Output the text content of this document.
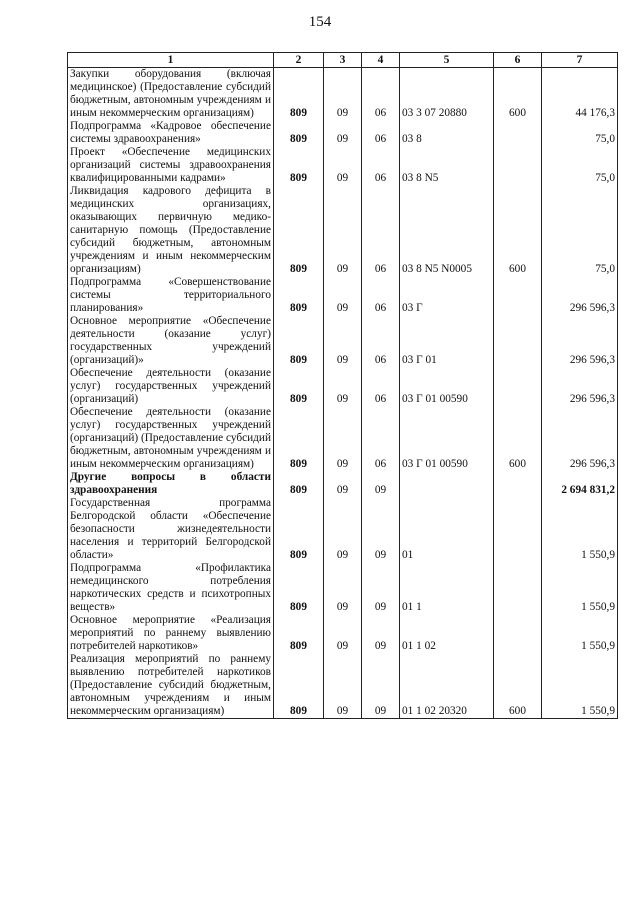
154
1	2	3	4	5	6	7
Закупки оборудования (включая медицинское) (Предоставление субсидий бюджетным, автономным учреждениям и иным некоммерческим организациям)	809	09	06	03 3 07 20880	600	44 176,3
Подпрограмма «Кадровое обеспечение системы здравоохранения»	809	09	06	03 8		75,0
Проект «Обеспечение медицинских организаций системы здравоохранения квалифицированными кадрами»	809	09	06	03 8 N5		75,0
Ликвидация кадрового дефицита в медицинских организациях, оказывающих первичную медико-санитарную помощь (Предоставление субсидий бюджетным, автономным учреждениям и иным некоммерческим организациям)	809	09	06	03 8 N5 N0005	600	75,0
Подпрограмма «Совершенствование системы территориального планирования»	809	09	06	03 Г		296 596,3
Основное мероприятие «Обеспечение деятельности (оказание услуг) государственных учреждений (организаций)»	809	09	06	03 Г 01		296 596,3
Обеспечение деятельности (оказание услуг) государственных учреждений (организаций)	809	09	06	03 Г 01 00590		296 596,3
Обеспечение деятельности (оказание услуг) государственных учреждений (организаций) (Предоставление субсидий бюджетным, автономным учреждениям и иным некоммерческим организациям)	809	09	06	03 Г 01 00590	600	296 596,3
Другие вопросы в области здравоохранения	809	09	09			2 694 831,2
Государственная программа Белгородской области «Обеспечение безопасности жизнедеятельности населения и территорий Белгородской области»	809	09	09	01		1 550,9
Подпрограмма «Профилактика немедицинского потребления наркотических средств и психотропных веществ»	809	09	09	01 1		1 550,9
Основное мероприятие «Реализация мероприятий по раннему выявлению потребителей наркотиков»	809	09	09	01 1 02		1 550,9
Реализация мероприятий по раннему выявлению потребителей наркотиков (Предоставление субсидий бюджетным, автономным учреждениям и иным некоммерческим организациям)	809	09	09	01 1 02 20320	600	1 550,9
